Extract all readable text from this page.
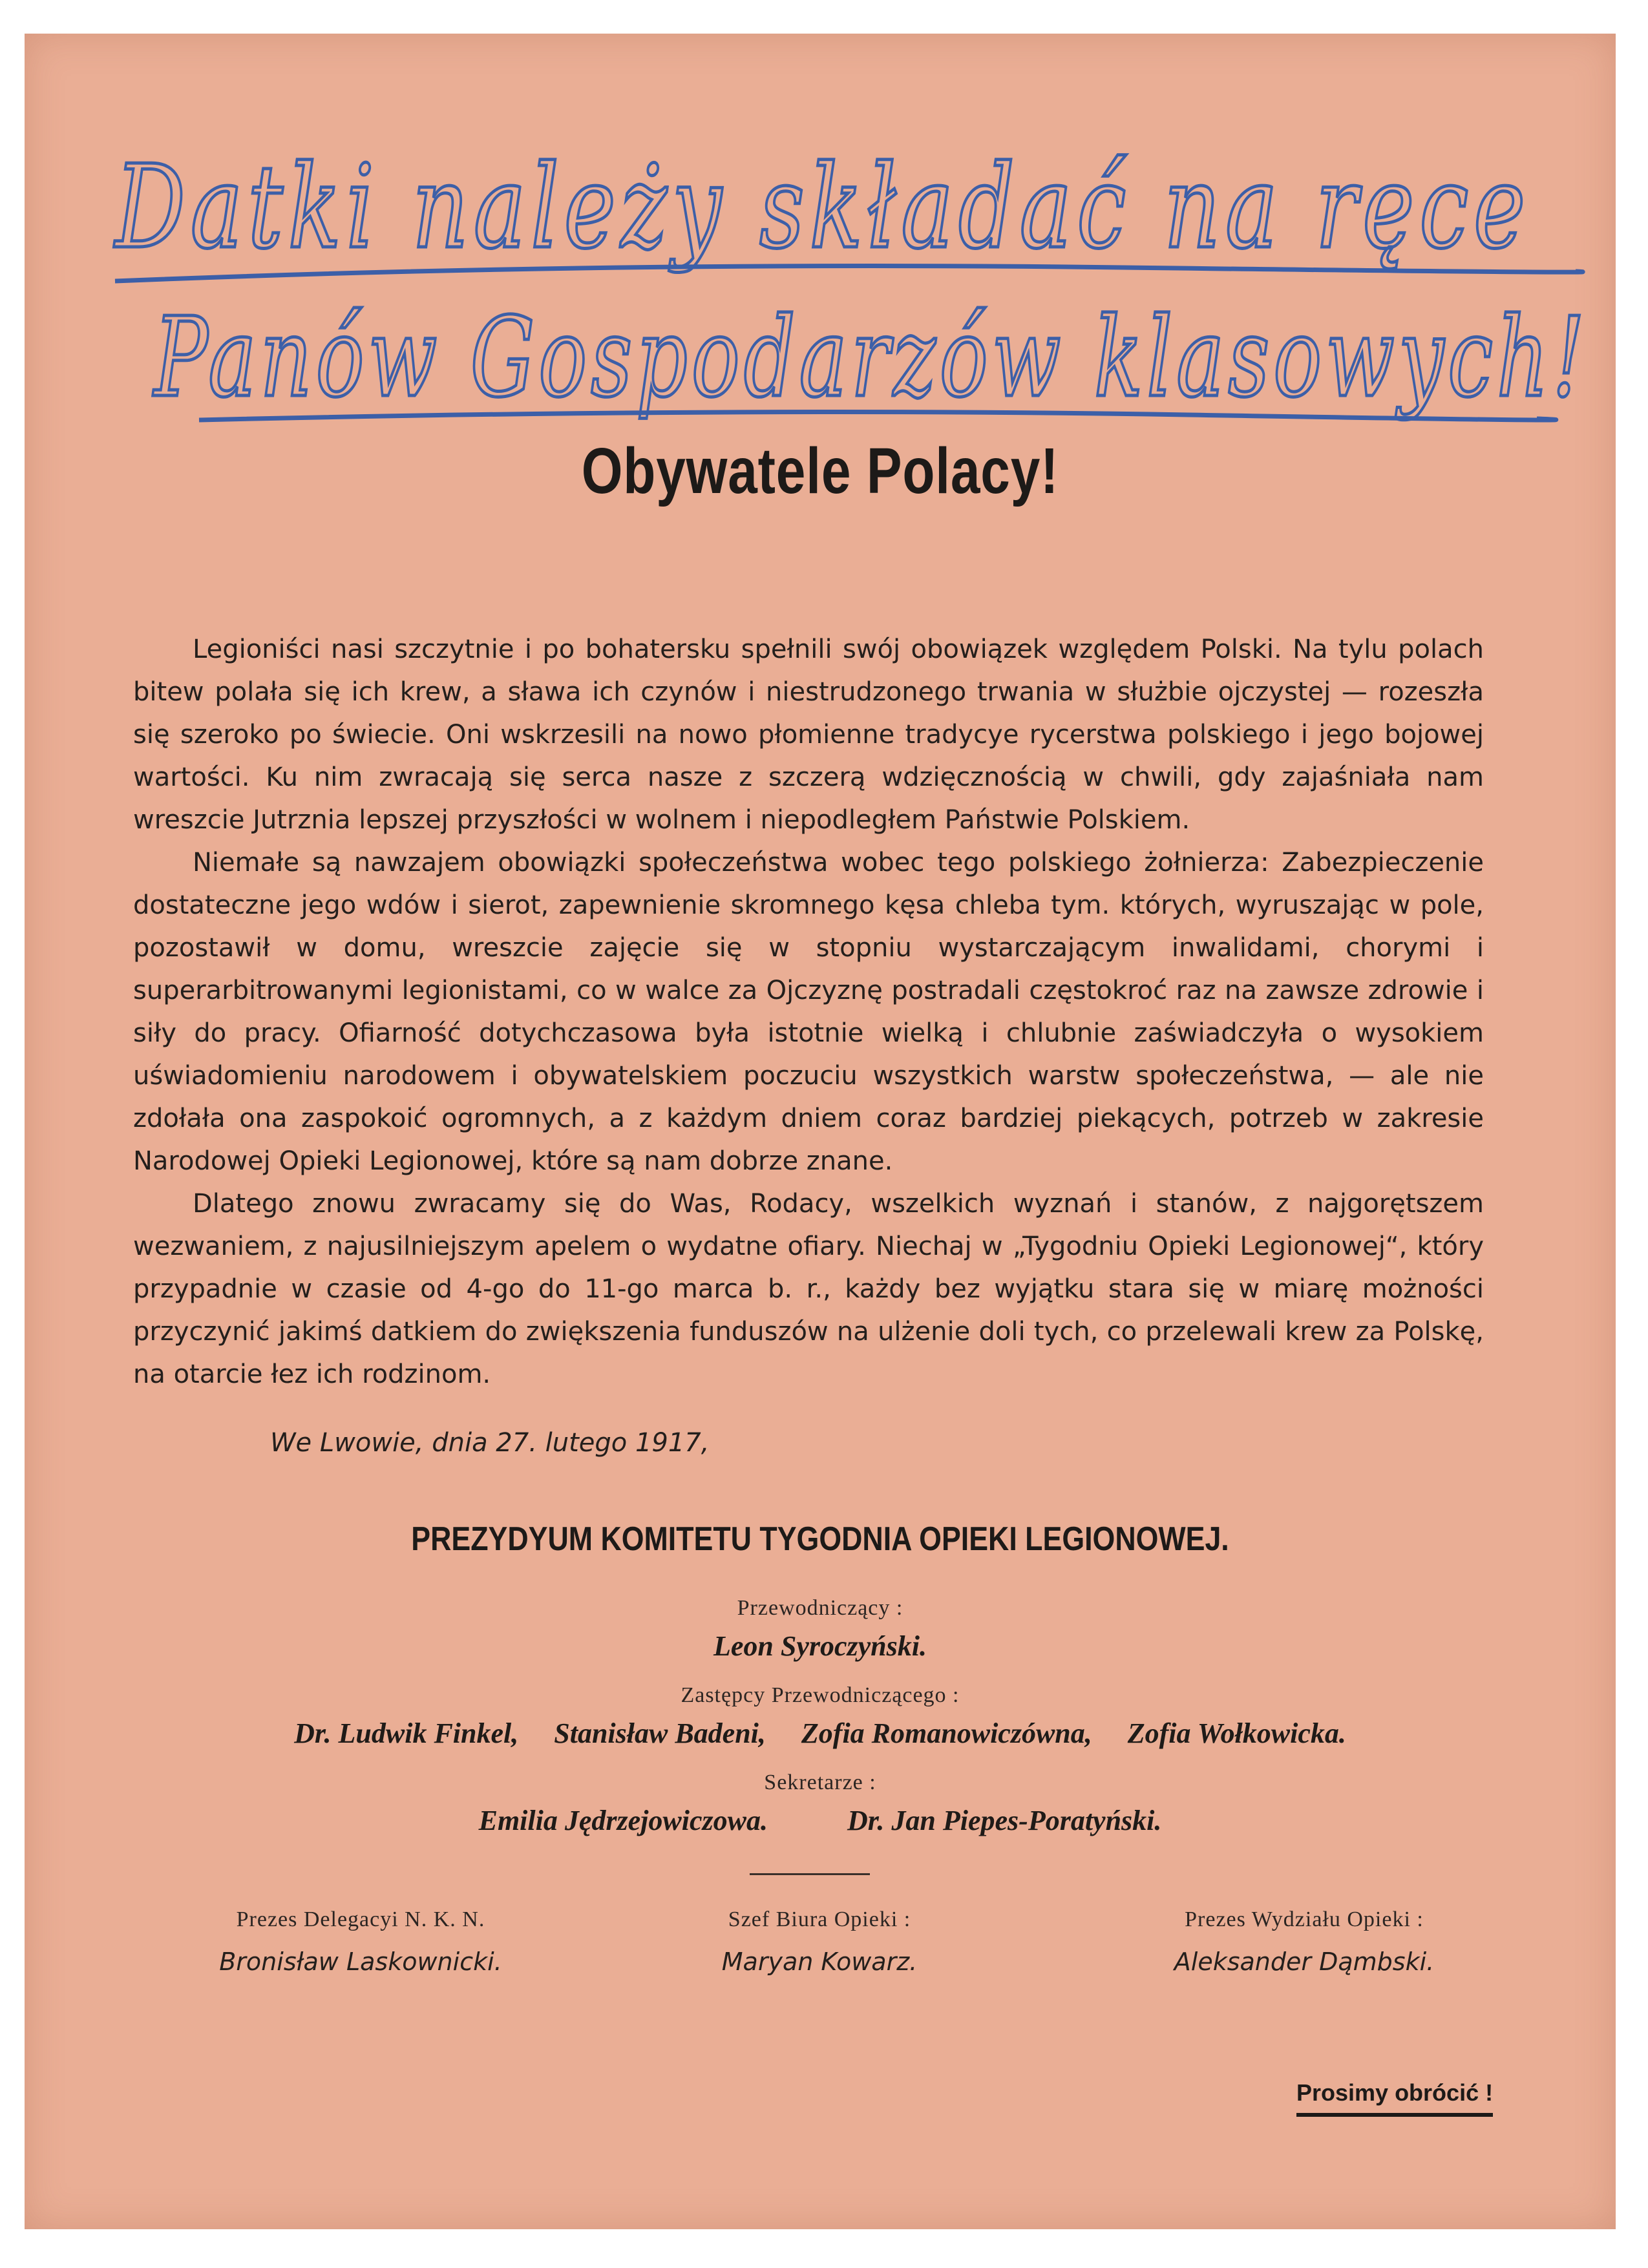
Datki należy składać na ręce
Panów Gospodarzów klasowych!
Obywatele Polacy!

Legioniści nasi szczytnie i po bohatersku spełnili swój obowiązek względem Polski. Na tylu polach bitew polała się ich krew, a sława ich czynów i niestrudzonego trwania w służbie ojczystej — rozeszła się szeroko po świecie. Oni wskrzesili na nowo płomienne tradycye rycerstwa polskiego i jego bojowej wartości. Ku nim zwracają się serca nasze z szczerą wdzięcznością w chwili, gdy zajaśniała nam wreszcie Jutrznia lepszej przyszłości w wolnem i niepodległem Państwie Polskiem.

Niemałe są nawzajem obowiązki społeczeństwa wobec tego polskiego żołnierza: Zabezpieczenie dostateczne jego wdów i sierot, zapewnienie skromnego kęsa chleba tym. których, wyruszając w pole, pozostawił w domu, wreszcie zajęcie się w stopniu wystarczającym inwalidami, chorymi i superarbitrowanymi legionistami, co w walce za Ojczyznę postradali częstokroć raz na zawsze zdrowie i siły do pracy. Ofiarność dotychczasowa była istotnie wielką i chlubnie zaświadczyła o wysokiem uświadomieniu narodowem i obywatelskiem poczuciu wszystkich warstw społeczeństwa, — ale nie zdołała ona zaspokoić ogromnych, a z każdym dniem coraz bardziej piekących, potrzeb w zakresie Narodowej Opieki Legionowej, które są nam dobrze znane.

Dlatego znowu zwracamy się do Was, Rodacy, wszelkich wyznań i stanów, z najgorętszem wezwaniem, z najusilniejszym apelem o wydatne ofiary. Niechaj w „Tygodniu Opieki Legionowej“, który przypadnie w czasie od 4-go do 11-go marca b. r., każdy bez wyjątku stara się w miarę możności przyczynić jakimś datkiem do zwiększenia funduszów na ulżenie doli tych, co przelewali krew za Polskę, na otarcie łez ich rodzinom.

We Lwowie, dnia 27. lutego 1917,
PREZYDYUM KOMITETU TYGODNIA OPIEKI LEGIONOWEJ.
Przewodniczący :
Leon Syroczyński.
Zastępcy Przewodniczącego :
Dr. Ludwik Finkel, Stanisław Badeni, Zofia Romanowiczówna, Zofia Wołkowicka.
Sekretarze :
Emilia Jędrzejowiczowa.	Dr. Jan Piepes-Poratyński.
Prezes Delegacyi N. K. N.
Bronisław Laskownicki.
Szef Biura Opieki :
Maryan Kowarz.
Prezes Wydziału Opieki :
Aleksander Dąmbski.
Prosimy obrócić !
